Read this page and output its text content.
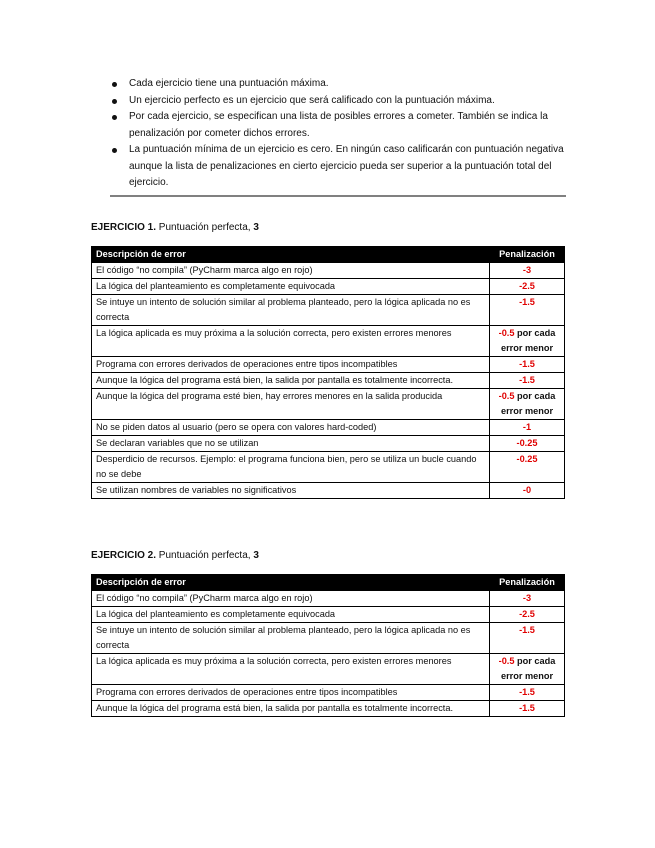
Cada ejercicio tiene una puntuación máxima.
Un ejercicio perfecto es un ejercicio que será calificado con la puntuación máxima.
Por cada ejercicio, se especifican una lista de posibles errores a cometer. También se indica la penalización por cometer dichos errores.
La puntuación mínima de un ejercicio es cero. En ningún caso calificarán con puntuación negativa aunque la lista de penalizaciones en cierto ejercicio pueda ser superior a la puntuación total del ejercicio.

EJERCICIO 1. Puntuación perfecta, 3

Descripción de error	Penalización
El código “no compila” (PyCharm marca algo en rojo)	-3
La lógica del planteamiento es completamente equivocada	-2.5
Se intuye un intento de solución similar al problema planteado, pero la lógica aplicada no es correcta	-1.5
La lógica aplicada es muy próxima a la solución correcta, pero existen errores menores	-0.5 por cada error menor
Programa con errores derivados de operaciones entre tipos incompatibles	-1.5
Aunque la lógica del programa está bien, la salida por pantalla es totalmente incorrecta.	-1.5
Aunque la lógica del programa esté bien, hay errores menores en la salida producida	-0.5 por cada error menor
No se piden datos al usuario (pero se opera con valores hard-coded)	-1
Se declaran variables que no se utilizan	-0.25
Desperdicio de recursos. Ejemplo: el programa funciona bien, pero se utiliza un bucle cuando no se debe	-0.25
Se utilizan nombres de variables no significativos	-0

EJERCICIO 2. Puntuación perfecta, 3

Descripción de error	Penalización
El código “no compila” (PyCharm marca algo en rojo)	-3
La lógica del planteamiento es completamente equivocada	-2.5
Se intuye un intento de solución similar al problema planteado, pero la lógica aplicada no es correcta	-1.5
La lógica aplicada es muy próxima a la solución correcta, pero existen errores menores	-0.5 por cada error menor
Programa con errores derivados de operaciones entre tipos incompatibles	-1.5
Aunque la lógica del programa está bien, la salida por pantalla es totalmente incorrecta.	-1.5
